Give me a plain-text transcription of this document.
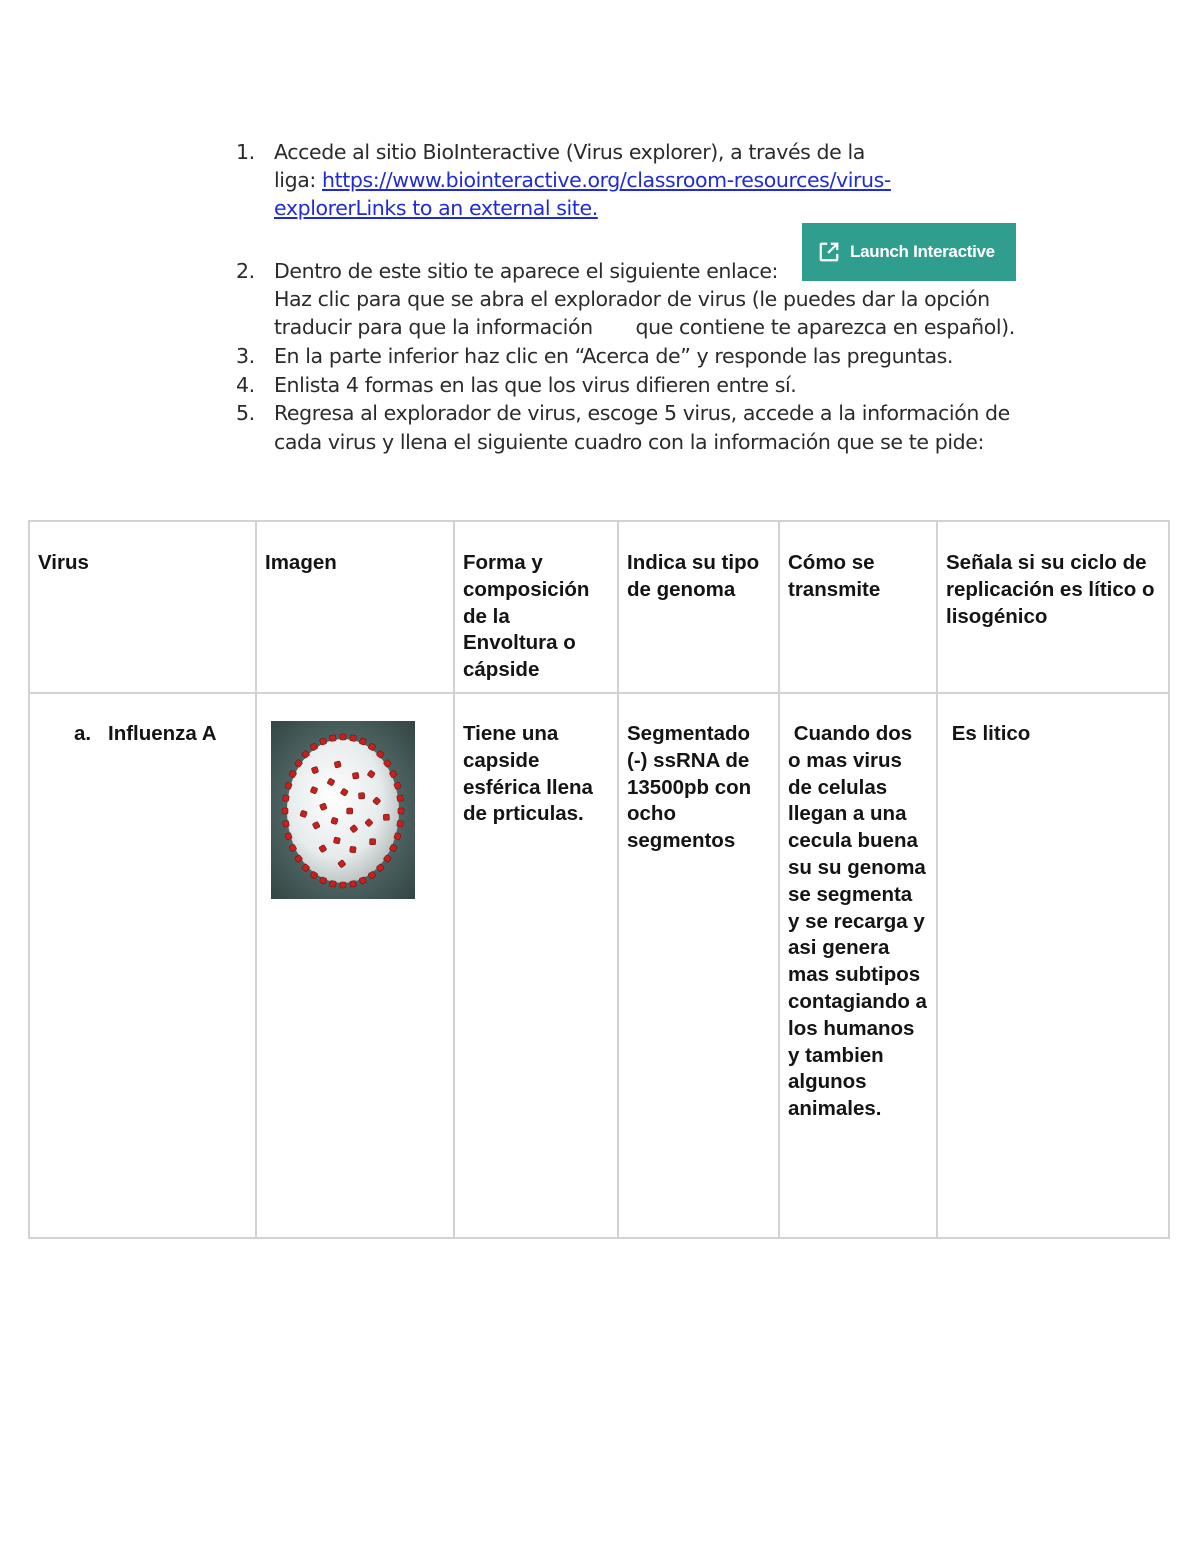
1. Accede al sitio BioInteractive (Virus explorer), a través de la
liga: https://www.biointeractive.org/classroom-resources/virus-
explorerLinks to an external site.
2. Dentro de este sitio te aparece el siguiente enlace:
Haz clic para que se abra el explorador de virus (le puedes dar la opción
traducir para que la información       que contiene te aparezca en español).
3. En la parte inferior haz clic en “Acerca de” y responde las preguntas.
4. Enlista 4 formas en las que los virus difieren entre sí.
5. Regresa al explorador de virus, escoge 5 virus, accede a la información de
cada virus y llena el siguiente cuadro con la información que se te pide:
Launch Interactive
Virus	Imagen	Forma y composición de la Envoltura o cápside	Indica su tipo de genoma	Cómo se transmite	Señala si su ciclo de replicación es lítico o lisogénico
a. Influenza A		Tiene una capside esférica llena de prticulas.	Segmentado (-) ssRNA de 13500pb con ocho segmentos	Cuando dos o mas virus de celulas llegan a una cecula buena su su genoma se segmenta y se recarga y asi genera mas subtipos contagiando a los humanos y tambien algunos animales.	Es litico
